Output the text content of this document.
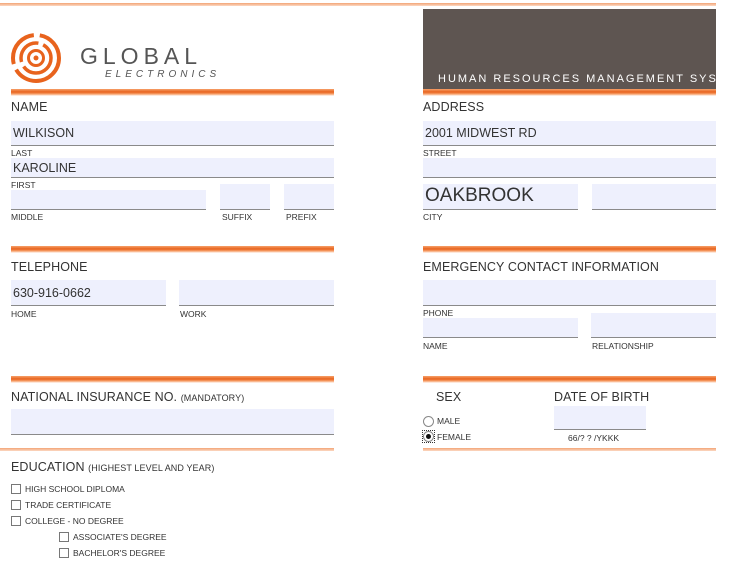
GLOBAL
ELECTRONICS	HUMAN RESOURCES MANAGEMENT SYSTEM
NAME
WILKISON
LAST
KAROLINE
FIRST
MIDDLE	SUFFIX	PREFIX
ADDRESS
2001 MIDWEST RD
STREET
OAKBROOK
CITY
TELEPHONE
630-916-0662
HOME	WORK
EMERGENCY CONTACT INFORMATION
PHONE
NAME	RELATIONSHIP
NATIONAL INSURANCE NO. (MANDATORY)	SEX
MALE
FEMALE
DATE OF BIRTH
66/? ? /YKKK
EDUCATION (HIGHEST LEVEL AND YEAR)
HIGH SCHOOL DIPLOMA
TRADE CERTIFICATE
COLLEGE - NO DEGREE
ASSOCIATE'S DEGREE
BACHELOR'S DEGREE
